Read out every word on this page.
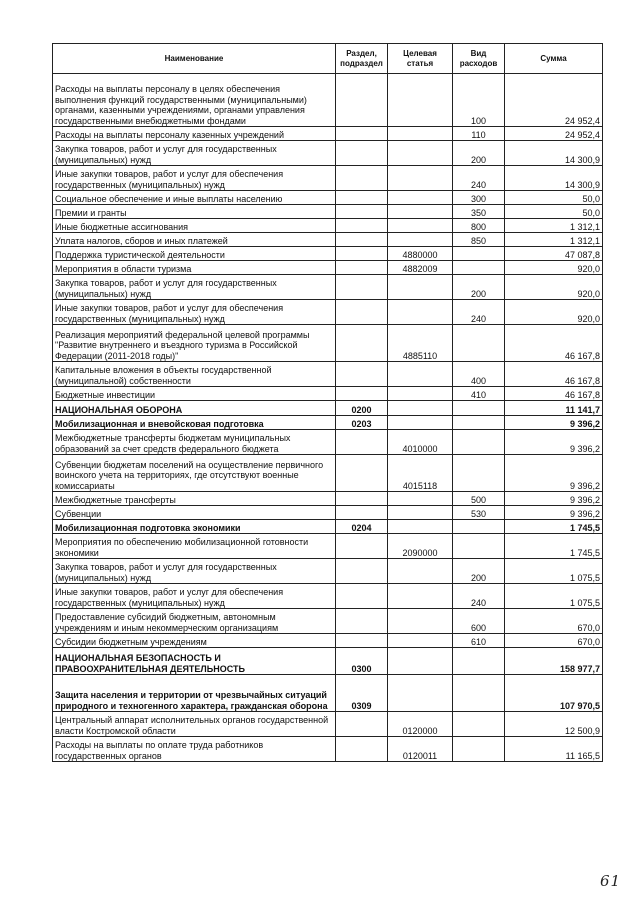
Наименование	Раздел, подраздел	Целевая статья	Вид расходов	Сумма
Расходы на выплаты персоналу в целях обеспечения выполнения функций государственными (муниципальными) органами, казенными учреждениями, органами управления государственными внебюджетными фондами			100	24 952,4
Расходы на выплаты персоналу казенных учреждений			110	24 952,4
Закупка товаров, работ и услуг для государственных (муниципальных) нужд			200	14 300,9
Иные закупки товаров, работ и услуг для обеспечения государственных (муниципальных) нужд			240	14 300,9
Социальное обеспечение и иные выплаты населению			300	50,0
Премии и гранты			350	50,0
Иные бюджетные ассигнования			800	1 312,1
Уплата налогов, сборов и иных платежей			850	1 312,1
Поддержка туристической деятельности		4880000		47 087,8
Мероприятия в области туризма		4882009		920,0
Закупка товаров, работ и услуг для государственных (муниципальных) нужд			200	920,0
Иные закупки товаров, работ и услуг для обеспечения государственных (муниципальных) нужд			240	920,0
Реализация мероприятий федеральной целевой программы "Развитие внутреннего и въездного туризма в Российской Федерации (2011-2018 годы)"		4885110		46 167,8
Капитальные вложения в объекты государственной (муниципальной) собственности			400	46 167,8
Бюджетные инвестиции			410	46 167,8
НАЦИОНАЛЬНАЯ ОБОРОНА	0200			11 141,7
Мобилизационная и вневойсковая подготовка	0203			9 396,2
Межбюджетные трансферты бюджетам муниципальных образований за счет средств федерального бюджета		4010000		9 396,2
Субвенции бюджетам поселений на осуществление первичного воинского учета на территориях, где отсутствуют военные комиссариаты		4015118		9 396,2
Межбюджетные трансферты			500	9 396,2
Субвенции			530	9 396,2
Мобилизационная подготовка экономики	0204			1 745,5
Мероприятия по обеспечению мобилизационной готовности экономики		2090000		1 745,5
Закупка товаров, работ и услуг для государственных (муниципальных) нужд			200	1 075,5
Иные закупки товаров, работ и услуг для обеспечения государственных (муниципальных) нужд			240	1 075,5
Предоставление субсидий бюджетным, автономным учреждениям и иным некоммерческим организациям			600	670,0
Субсидии бюджетным учреждениям			610	670,0
НАЦИОНАЛЬНАЯ БЕЗОПАСНОСТЬ И ПРАВООХРАНИТЕЛЬНАЯ ДЕЯТЕЛЬНОСТЬ	0300			158 977,7
Защита населения и территории от чрезвычайных ситуаций природного и техногенного характера, гражданская оборона	0309			107 970,5
Центральный аппарат исполнительных органов государственной власти Костромской области		0120000		12 500,9
Расходы на выплаты по оплате труда работников государственных органов		0120011		11 165,5
61
